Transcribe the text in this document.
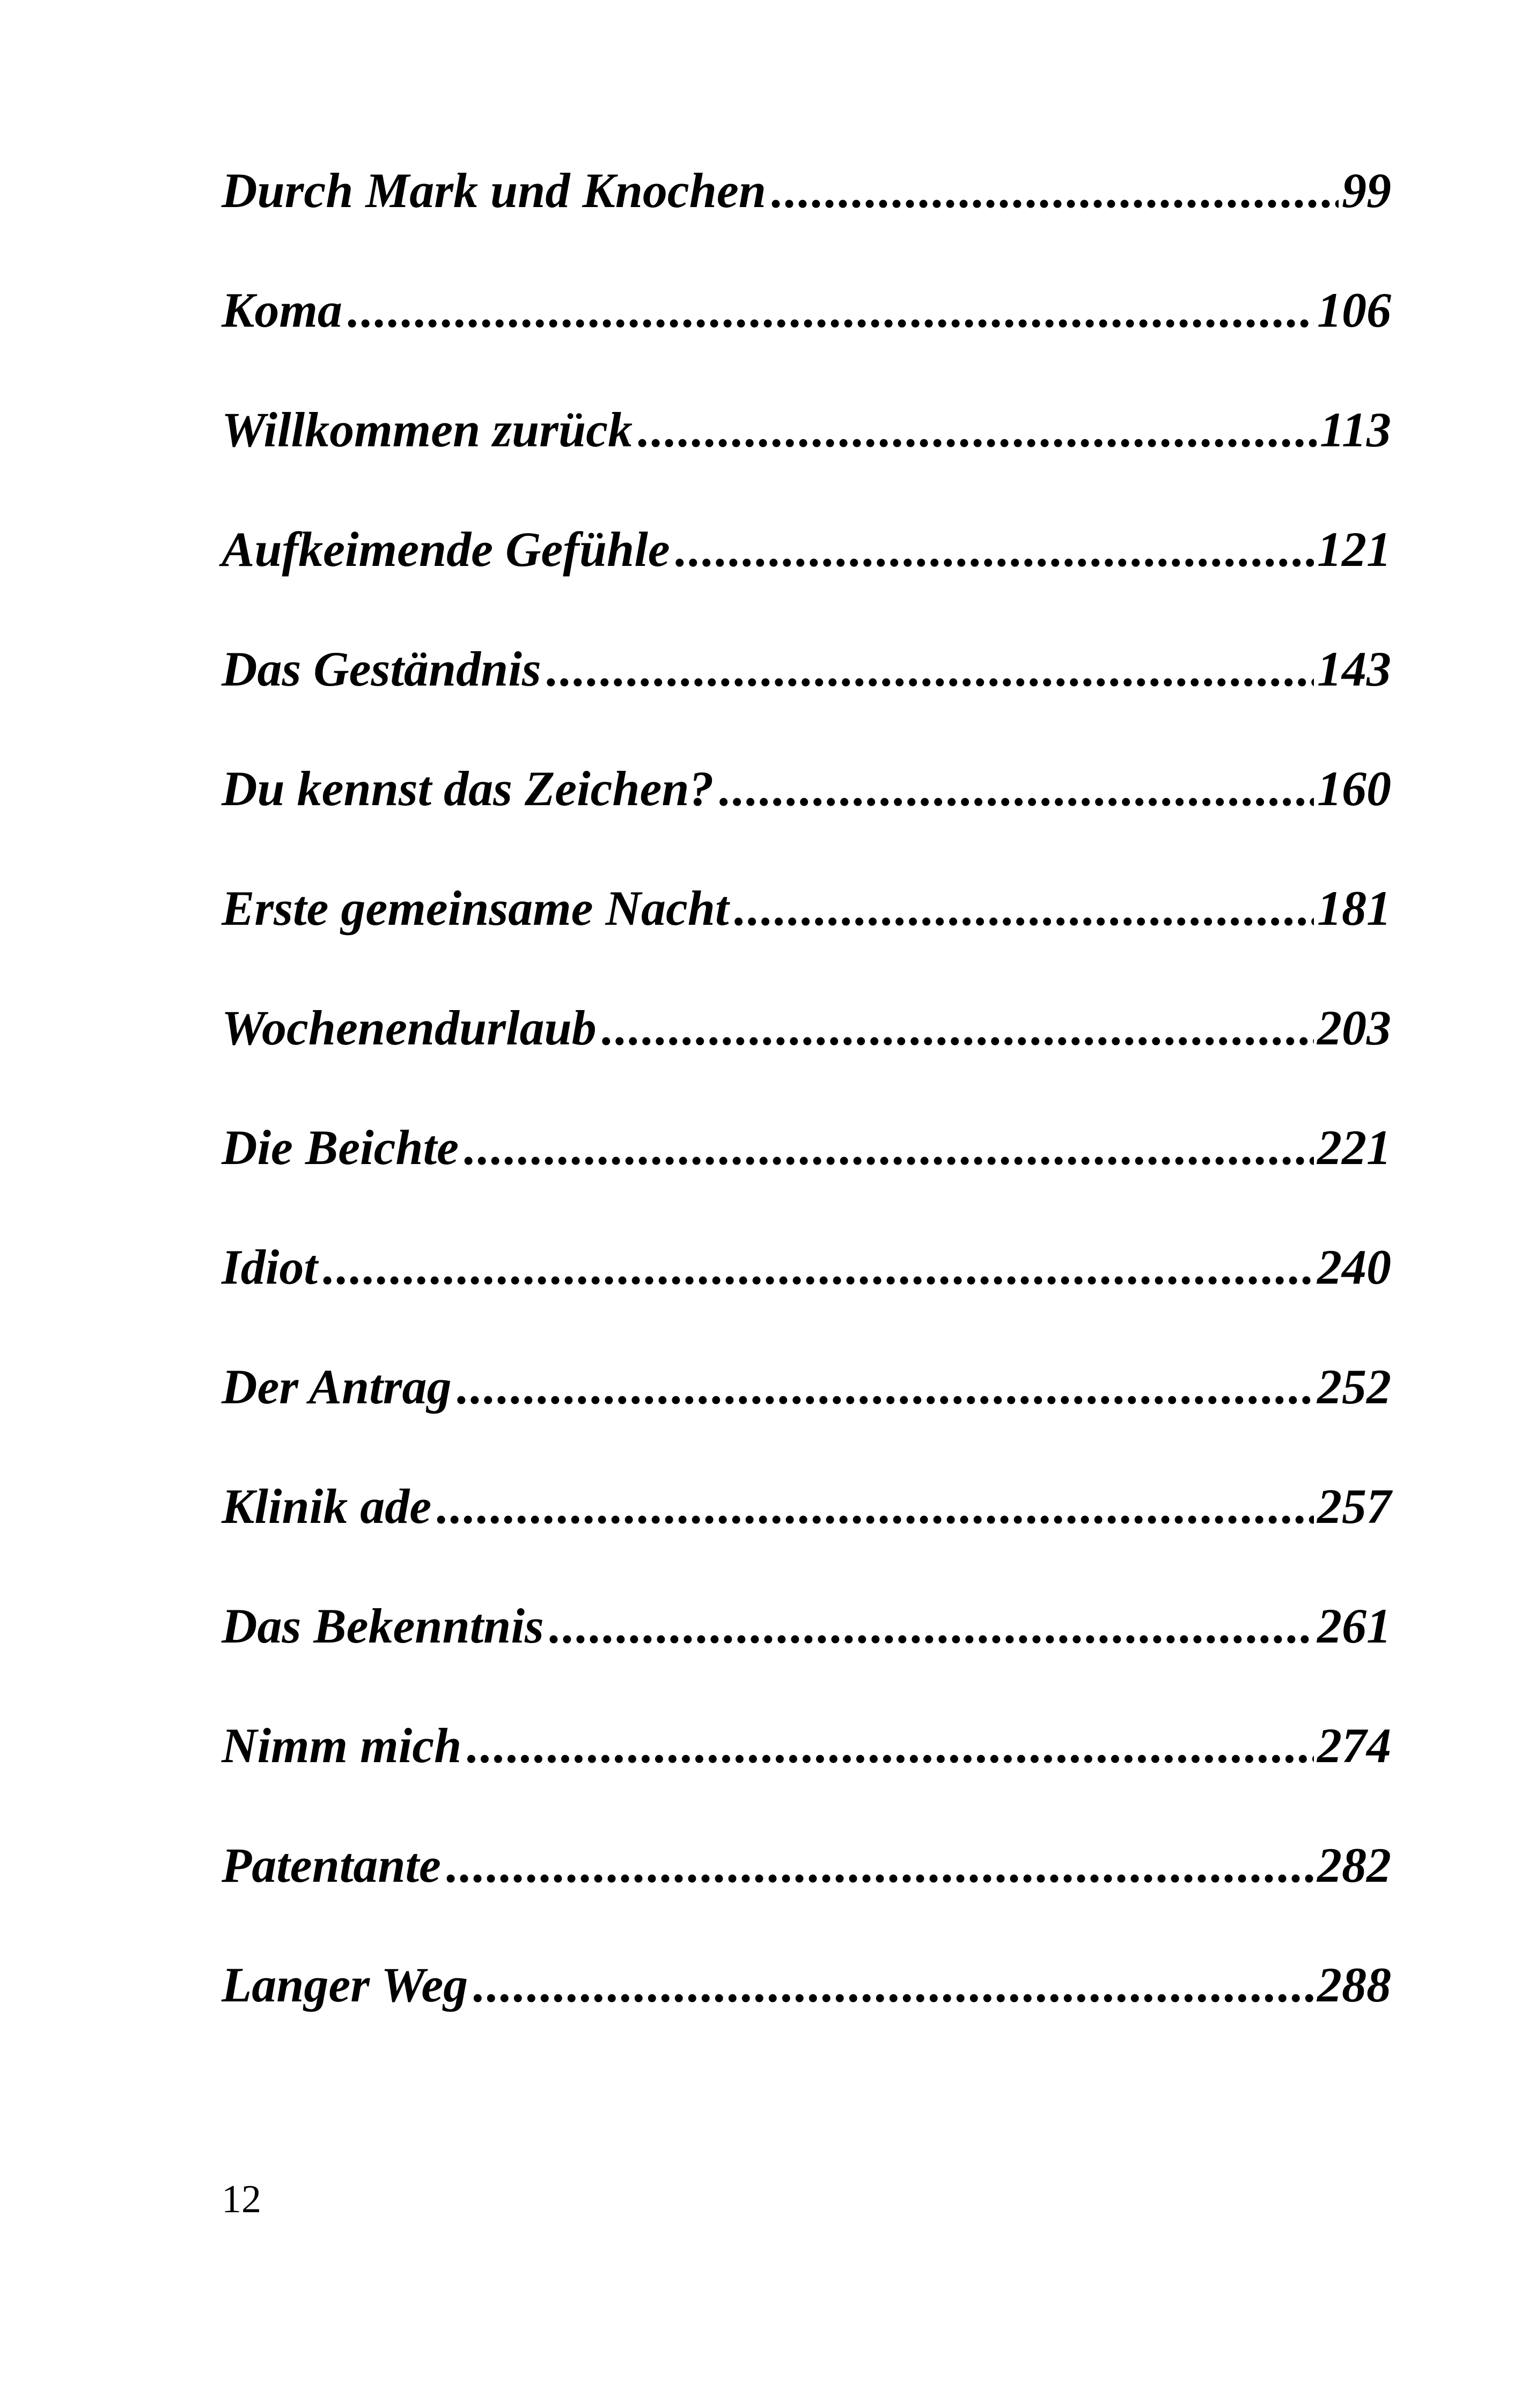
Durch Mark und Knochen .....	99
Koma .....	106
Willkommen zurück .....	113
Aufkeimende Gefühle .....	121
Das Geständnis .....	143
Du kennst das Zeichen? .....	160
Erste gemeinsame Nacht .....	181
Wochenendurlaub .....	203
Die Beichte .....	221
Idiot .....	240
Der Antrag .....	252
Klinik ade .....	257
Das Bekenntnis .....	261
Nimm mich .....	274
Patentante .....	282
Langer Weg .....	288
12
